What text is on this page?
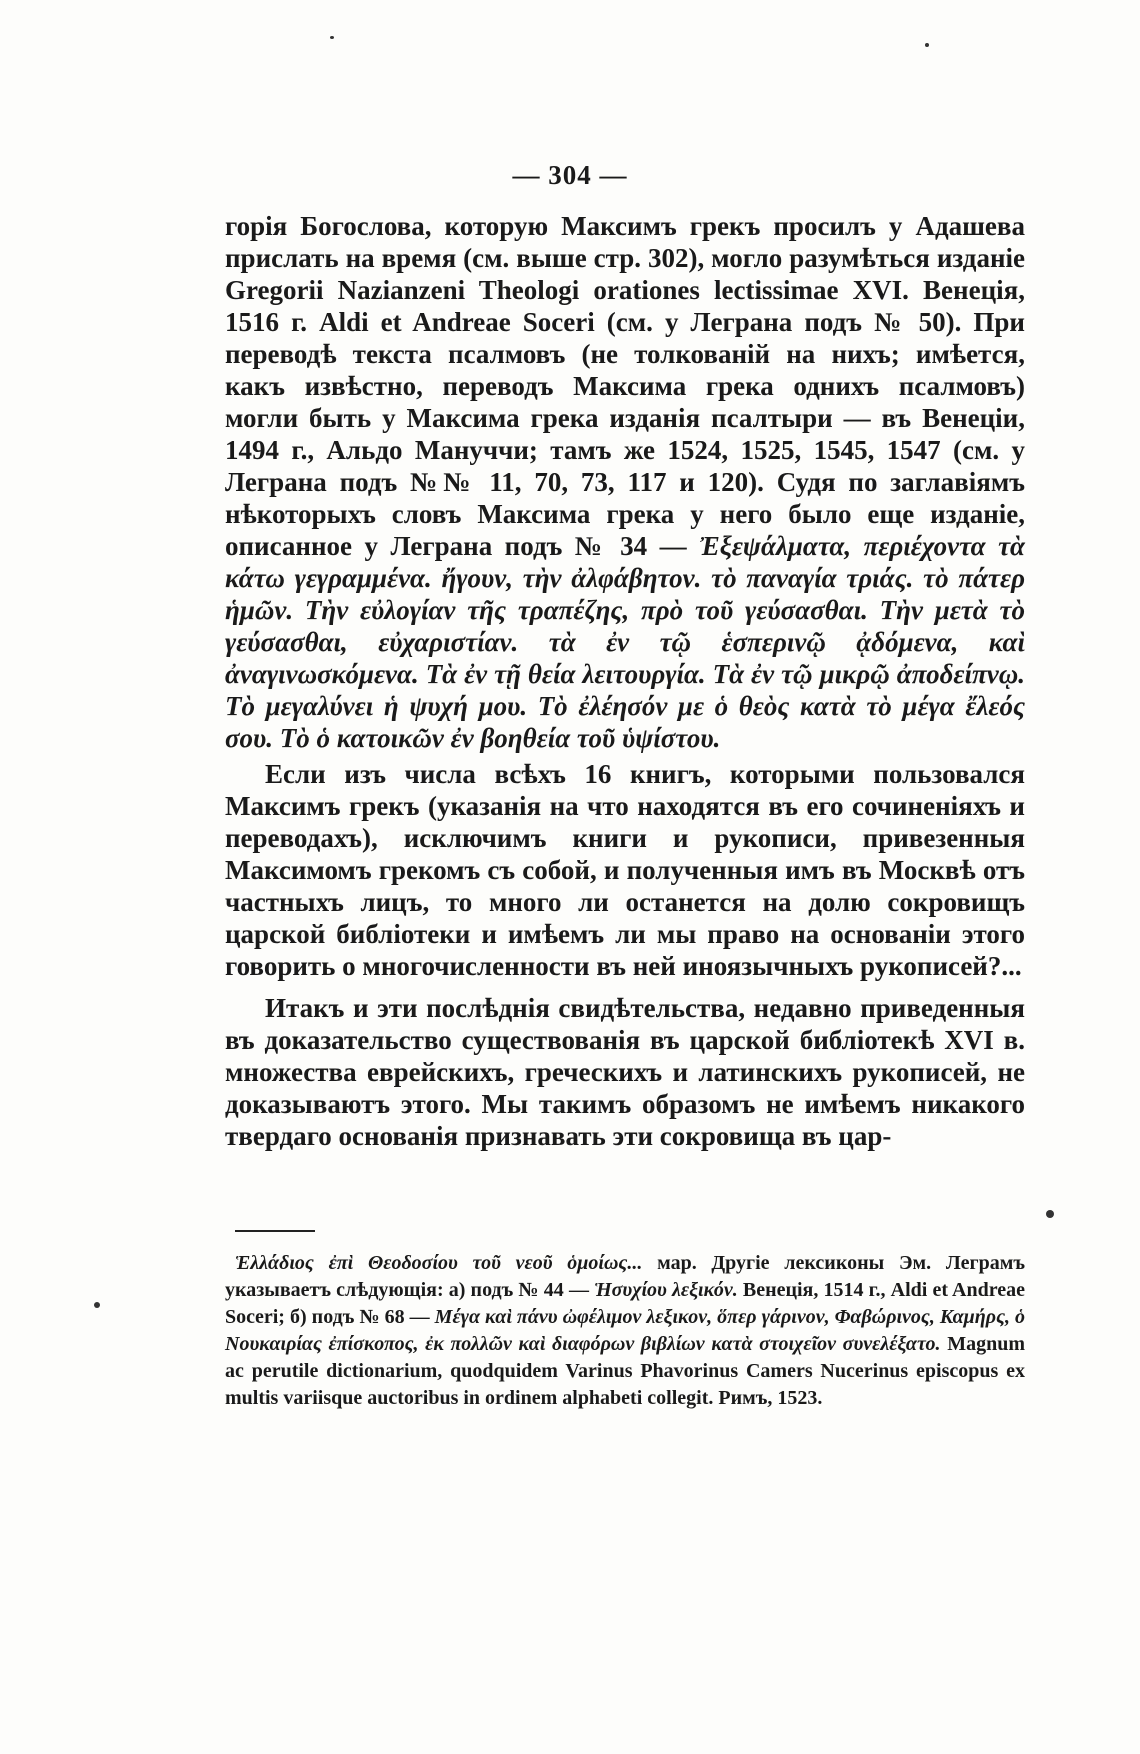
— 304 —

горія Богослова, которую Максимъ грекъ просилъ у Адашева прислать на время (см. выше стр. 302), могло разумѣться изданіе Gregorii Nazianzeni Theologi orationes lectissimae XVI. Венеція, 1516 г. Aldi et Andreae Soceri (см. у Леграна подъ № 50). При переводѣ текста псалмовъ (не толкованій на нихъ; имѣется, какъ извѣстно, переводъ Максима грека однихъ псалмовъ) могли быть у Максима грека изданія псалтыри — въ Венеціи, 1494 г., Альдо Мануччи; тамъ же 1524, 1525, 1545, 1547 (см. у Леграна подъ №№ 11, 70, 73, 117 и 120). Судя по заглавіямъ нѣкоторыхъ словъ Максима грека у него было еще изданіе, описанное у Леграна подъ № 34 — Ἐξεψάλματα, περιέχοντα τὰ κάτω γεγραμμένα. ἤγουν, τὴν ἀλφάβητον. τὸ παναγία τριάς. τὸ πάτερ ἡμῶν. Τὴν εὐλογίαν τῆς τραπέζης, πρὸ τοῦ γεύσασθαι. Τὴν μετὰ τὸ γεύσασθαι, εὐχαριστίαν. τὰ ἐν τῷ ἑσπερινῷ ᾀδόμενα, καὶ ἀναγινωσκόμενα. Τὰ ἐν τῇ θεία λειτουργία. Τὰ ἐν τῷ μικρῷ ἀποδείπνῳ. Τὸ μεγαλύνει ἡ ψυχή μου. Τὸ ἐλέησόν με ὁ θεὸς κατὰ τὸ μέγα ἔλεός σου. Τὸ ὁ κατοικῶν ἐν βοηθεία τοῦ ὑψίστου.

Если изъ числа всѣхъ 16 книгъ, которыми пользовался Максимъ грекъ (указанія на что находятся въ его сочиненіяхъ и переводахъ), исключимъ книги и рукописи, привезенныя Максимомъ грекомъ съ собой, и полученныя имъ въ Москвѣ отъ частныхъ лицъ, то много ли останется на долю сокровищъ царской библіотеки и имѣемъ ли мы право на основаніи этого говорить о многочисленности въ ней иноязычныхъ рукописей?...

Итакъ и эти послѣднія свидѣтельства, недавно приведенныя въ доказательство существованія въ царской библіотекѣ XVI в. множества еврейскихъ, греческихъ и латинскихъ рукописей, не доказываютъ этого. Мы такимъ образомъ не имѣемъ никакого твердаго основанія признавать эти сокровища въ цар-

Ἑλλάδιος ἐπὶ Θεοδοσίου τοῦ νεοῦ ὁμοίως... мар. Другіе лексиконы Эм. Леграмъ указываетъ слѣдующія: а) подъ № 44 — Ἡσυχίου λεξικόν. Венеція, 1514 г., Aldi et Andreae Soceri; б) подъ № 68 — Μέγα καὶ πάνυ ὠφέλιμον λεξικον, ὅπερ γάρινον, Φαβώρινος, Καμήρς, ὁ Νουκαιρίας ἐπίσκοπος, ἐκ πολλῶν καὶ διαφόρων βιβλίων κατὰ στοιχεῖον συνελέξατο. Magnum ac perutile dictionarium, quodquidem Varinus Phavorinus Camers Nucerinus episcopus ex multis variisque auctoribus in ordinem alphabeti collegit. Римъ, 1523.
